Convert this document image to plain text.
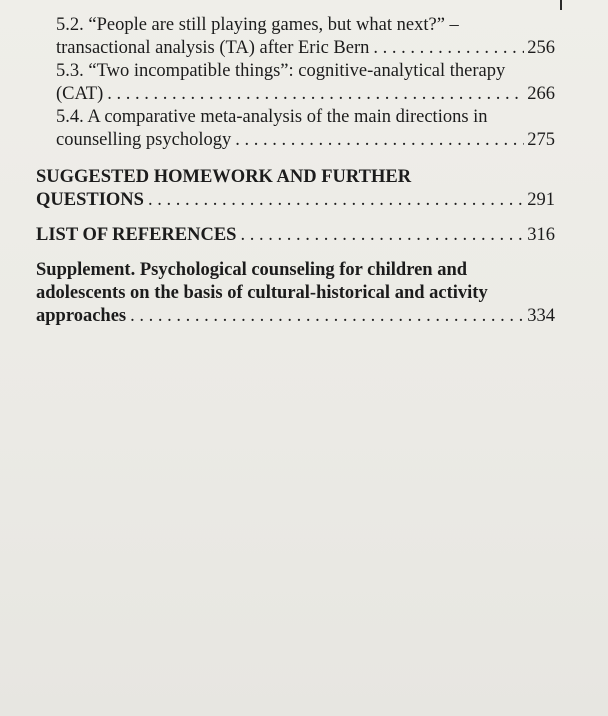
5.2. “People are still playing games, but what next?” –
transactional analysis (TA) after Eric Bern . . .	256
5.3. “Two incompatible things”: cognitive-analytical therapy
(CAT) . . .	266
5.4. A comparative meta-analysis of the main directions in
counselling psychology . . .	275
SUGGESTED HOMEWORK AND FURTHER
QUESTIONS . . .	291
LIST OF REFERENCES . . .	316
Supplement. Psychological counseling for children and
adolescents on the basis of cultural-historical and activity
approaches . . .	334
